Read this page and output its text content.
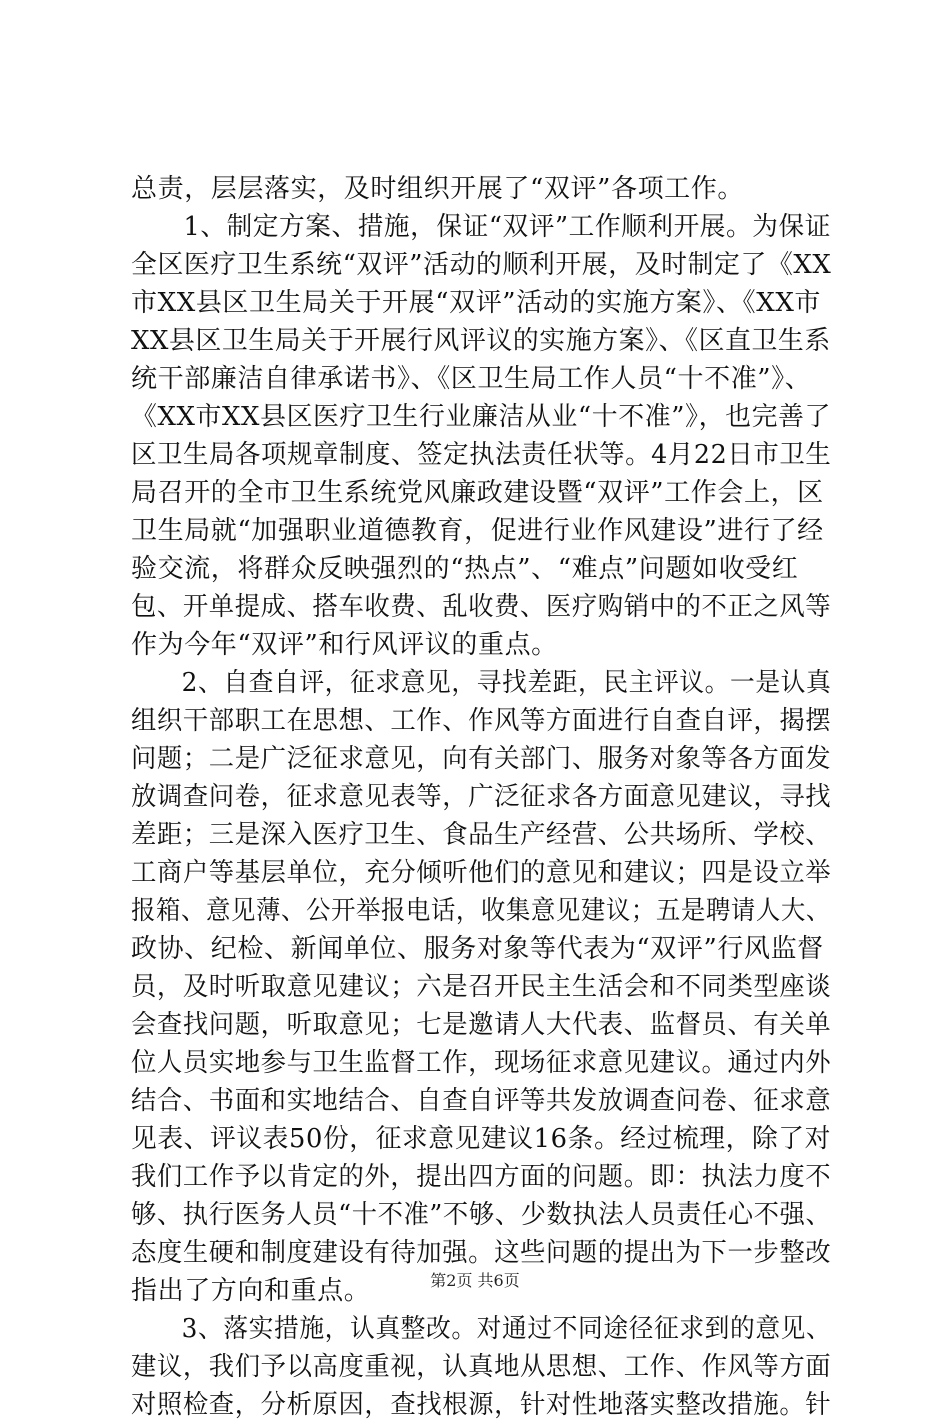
总责，层层落实，及时组织开展了“双评”各项工作。
　　1、制定方案、措施，保证“双评”工作顺利开展。为保证
全区医疗卫生系统“双评”活动的顺利开展，及时制定了《XX
市XX县区卫生局关于开展“双评”活动的实施方案》、《XX市
XX县区卫生局关于开展行风评议的实施方案》、《区直卫生系
统干部廉洁自律承诺书》、《区卫生局工作人员“十不准”》、
《XX市XX县区医疗卫生行业廉洁从业“十不准”》，也完善了
区卫生局各项规章制度、签定执法责任状等。4月22日市卫生
局召开的全市卫生系统党风廉政建设暨“双评”工作会上，区
卫生局就“加强职业道德教育，促进行业作风建设”进行了经
验交流，将群众反映强烈的“热点”、“难点”问题如收受红
包、开单提成、搭车收费、乱收费、医疗购销中的不正之风等
作为今年“双评”和行风评议的重点。
　　2、自查自评，征求意见，寻找差距，民主评议。一是认真
组织干部职工在思想、工作、作风等方面进行自查自评，揭摆
问题；二是广泛征求意见，向有关部门、服务对象等各方面发
放调查问卷，征求意见表等，广泛征求各方面意见建议，寻找
差距；三是深入医疗卫生、食品生产经营、公共场所、学校、
工商户等基层单位，充分倾听他们的意见和建议；四是设立举
报箱、意见薄、公开举报电话，收集意见建议；五是聘请人大、
政协、纪检、新闻单位、服务对象等代表为“双评”行风监督
员，及时听取意见建议；六是召开民主生活会和不同类型座谈
会查找问题，听取意见；七是邀请人大代表、监督员、有关单
位人员实地参与卫生监督工作，现场征求意见建议。通过内外
结合、书面和实地结合、自查自评等共发放调查问卷、征求意
见表、评议表50份，征求意见建议16条。经过梳理，除了对
我们工作予以肯定的外，提出四方面的问题。即：执法力度不
够、执行医务人员“十不准”不够、少数执法人员责任心不强、
态度生硬和制度建设有待加强。这些问题的提出为下一步整改
指出了方向和重点。
　　3、落实措施，认真整改。对通过不同途径征求到的意见、
建议，我们予以高度重视，认真地从思想、工作、作风等方面
对照检查，分析原因，查找根源，针对性地落实整改措施。针
第2页 共6页
